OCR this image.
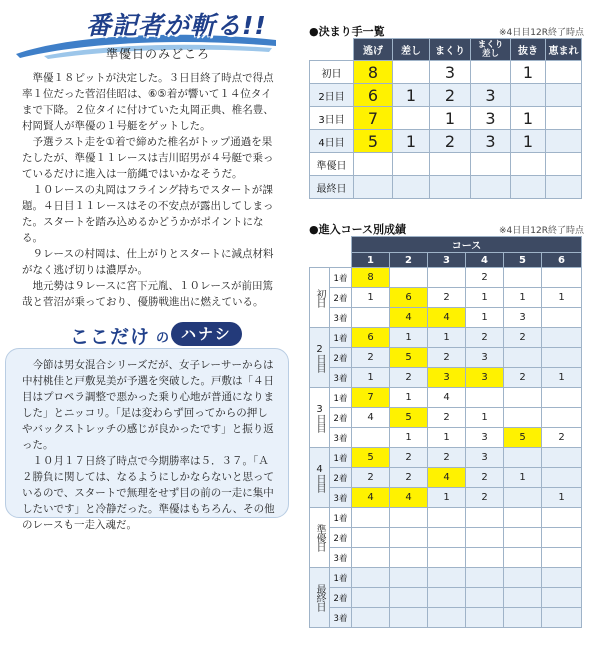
番記者が斬る!!
準優日のみどころ

準優１８ピットが決定した。３日目終了時点で得点率１位だった菅沼佳昭は、⑥⑤着が響いて１４位タイまで下降。２位タイに付けていた丸岡正典、椎名豊、村岡賢人が準優の１号艇をゲットした。

予選ラスト走を①着で締めた椎名がトップ通過を果たしたが、準優１１レースは吉川昭男が４号艇で乗っているだけに進入は一筋縄ではいかなそうだ。

１０レースの丸岡はフライング持ちでスタートが課題。４日目１１レースはその不安点が露出してしまった。スタートを踏み込めるかどうかがポイントになる。

９レースの村岡は、仕上がりとスタートに減点材料がなく逃げ切りは濃厚か。

地元勢は９レースに宮下元胤、１０レースが前田篤哉と菅沼が乗っており、優勝戦進出に燃えている。

ここだけ の ハナシ

今節は男女混合シリーズだが、女子レーサーからは中村桃佳と戸敷晃美が予選を突破した。戸敷は「４日目はプロペラ調整で悪かった乗り心地が普通になりました」とニッコリ。「足は変わらず回ってからの押しやバックストレッチの感じが良かったです」と振り返った。

１０月１７日終了時点で今期勝率は５．３７。「Ａ２勝負に関しては、なるようにしかならないと思っているので、スタートで無理をせず目の前の一走に集中したいです」と冷静だった。準優はもちろん、その他のレースも一走入魂だ。

●決まり手一覧	※4日目12R終了時点
	逃げ	差し	まくり	まくり
差し	抜き	恵まれ
初日	8		3		1	
2日目	6	1	2	3		
3日目	7		1	3	1	
4日目	5	1	2	3	1	
準優日						
最終日						
●進入コース別成績	※4日目12R終了時点
		コース					
		1	2	3	4	5	6
初日	1着	8			2		
	2着	1	6	2	1	1	1
	3着		4	4	1	3	
2日目	1着	6	1	1	2	2	
	2着	2	5	2	3		
	3着	1	2	3	3	2	1
3日目	1着	7	1	4			
	2着	4	5	2	1		
	3着		1	1	3	5	2
4日目	1着	5	2	2	3		
	2着	2	2	4	2	1	
	3着	4	4	1	2		1
準優日	1着						
	2着						
	3着						
最終日	1着						
	2着						
	3着						
